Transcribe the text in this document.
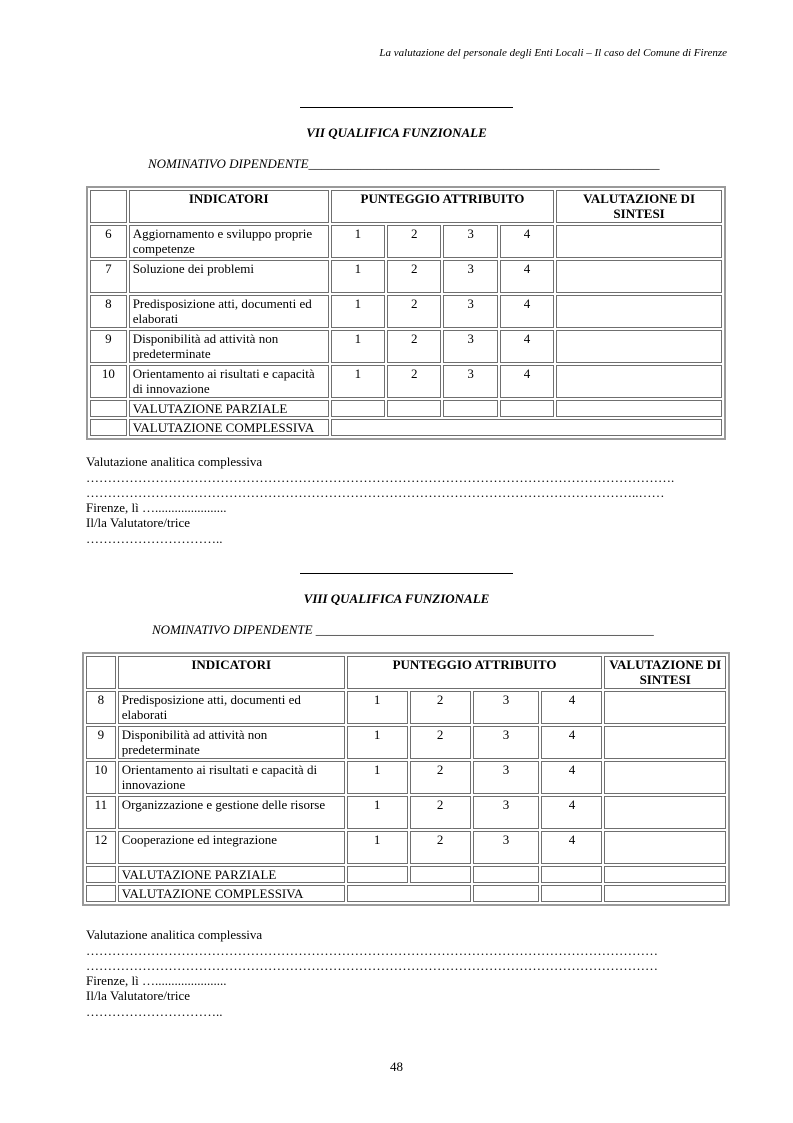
La valutazione del personale degli Enti Locali – Il caso del Comune di Firenze
VII QUALIFICA FUNZIONALE
NOMINATIVO DIPENDENTE______________________________________________________
	INDICATORI	PUNTEGGIO ATTRIBUITO				VALUTAZIONE DI SINTESI
6	Aggiornamento e sviluppo proprie competenze	1	2	3	4	
7	Soluzione dei problemi	1	2	3	4	
8	Predisposizione atti, documenti ed elaborati	1	2	3	4	
9	Disponibilità ad attività non predeterminate	1	2	3	4	
10	Orientamento ai risultati e capacità di innovazione	1	2	3	4	
	VALUTAZIONE PARZIALE					
	VALUTAZIONE COMPLESSIVA					
Valutazione analitica complessiva
……………………………………………………………………………………………………………………….
………………………………………………………………………………………………………………..……
Firenze, lì …......................
Il/la Valutatore/trice
…………………………..
VIII QUALIFICA FUNZIONALE
NOMINATIVO DIPENDENTE ____________________________________________________
	INDICATORI	PUNTEGGIO ATTRIBUITO				VALUTAZIONE DI SINTESI
8	Predisposizione atti, documenti ed elaborati	1	2	3	4	
9	Disponibilità ad attività non predeterminate	1	2	3	4	
10	Orientamento ai risultati e capacità di innovazione	1	2	3	4	
11	Organizzazione e gestione delle risorse	1	2	3	4	
12	Cooperazione ed integrazione	1	2	3	4	
	VALUTAZIONE PARZIALE					
	VALUTAZIONE COMPLESSIVA					
Valutazione analitica complessiva
……………………………………………………………………………………………………………………
……………………………………………………………………………………………………………………
Firenze, lì …......................
Il/la Valutatore/trice
…………………………..
48
